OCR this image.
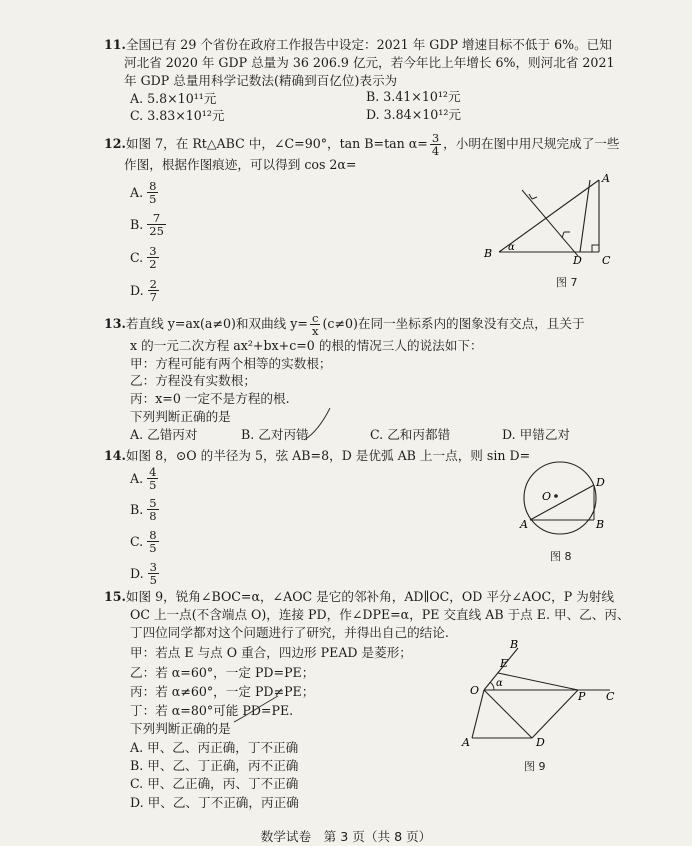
11.全国已有 29 个省份在政府工作报告中设定：2021 年 GDP 增速目标不低于 6%。已知
河北省 2020 年 GDP 总量为 36 206.9 亿元，若今年比上年增长 6%，则河北省 2021
年 GDP 总量用科学记数法(精确到百亿位)表示为
A. 5.8×10¹¹元	B. 3.41×10¹²元
C. 3.83×10¹²元	D. 3.84×10¹²元
12.如图 7，在 Rt△ABC 中，∠C=90°，tan B=tan $\alpha= \frac{3}{4}$ ，小明在图中用尺规完成了一些
作图，根据作图痕迹，可以得到 cos 2α=
A. $\frac{8}{5}$
B. $\frac{7}{25}$
C. $\frac{3}{2}$
D. $\frac{2}{7}$
B
A
D C
α
图 7
13.若直线 y=ax(a≠0)和双曲线 $y= \frac{c}{x} (c\ne 0)$在同一坐标系内的图象没有交点，且关于
x 的一元二次方程 ax²+bx+c=0 的根的情况三人的说法如下：
甲：方程可能有两个相等的实数根；
乙：方程没有实数根；
丙：x=0 一定不是方程的根.
下列判断正确的是
A. 乙错丙对	B. 乙对丙错	C. 乙和丙都错	D. 甲错乙对
14.如图 8，⊙O 的半径为 5，弦 AB=8，D 是优弧 AB 上一点，则 sin D=
A. $\frac{4}{5}$
B. $\frac{5}{8}$
C. $\frac{8}{5}$
D. $\frac{3}{5}$
A	B
D
O
图 8
15.如图 9，锐角∠BOC=α，∠AOC 是它的邻补角，AD∥OC，OD 平分∠AOC，P 为射线
OC 上一点(不含端点 O)，连接 PD，作∠DPE=α，PE 交直线 AB 于点 E. 甲、乙、丙、
丁四位同学都对这个问题进行了研究，并得出自己的结论.
甲：若点 E 与点 O 重合，四边形 PEAD 是菱形；
乙：若 α=60°，一定 PD=PE；
丙：若 α≠60°，一定 PD≠PE；
丁：若 α=80°可能 PD=PE.
下列判断正确的是
A. 甲、乙、丙正确，丁不正确
B. 甲、乙、丁正确，丙不正确
C. 甲、乙正确，丙、丁不正确
D. 甲、乙、丁不正确，丙正确
B
E
O
α
P C
A	D
图 9
数学试卷　第 3 页（共 8 页）
